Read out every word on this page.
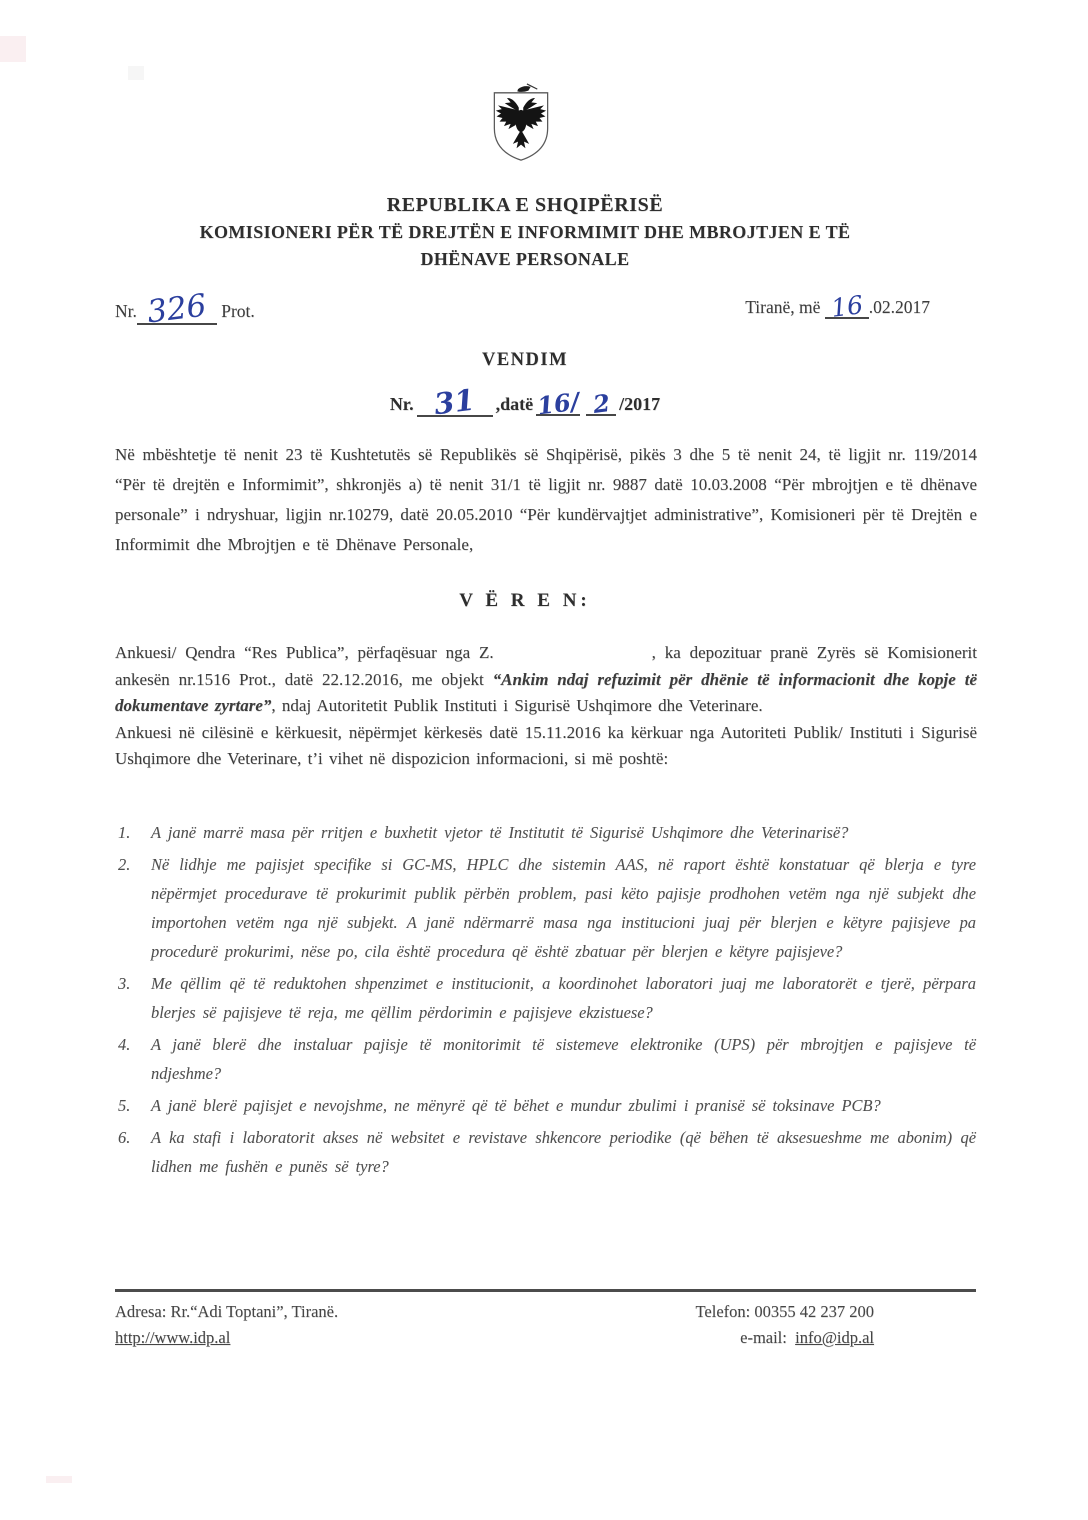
REPUBLIKA E SHQIPËRISË
KOMISIONERI PËR TË DREJTËN E INFORMIMIT DHE MBROJTJEN E TË
DHËNAVE PERSONALE
Nr. 326 Prot.	Tiranë, më 16 .02.2017
VENDIM
Nr. 31 ,datë 16/ 2 /2017
Në mbështetje të nenit 23 të Kushtetutës së Republikës së Shqipërisë, pikës 3 dhe 5 të nenit 24, të ligjit nr. 119/2014 “Për të drejtën e Informimit”, shkronjës a) të nenit 31/1 të ligjit nr. 9887 datë 10.03.2008 “Për mbrojtjen e të dhënave personale” i ndryshuar, ligjin nr.10279, datë 20.05.2010 “Për kundërvajtjet administrative”, Komisioneri për të Drejtën e Informimit dhe Mbrojtjen e të Dhënave Personale,
V Ë R E N:

Ankuesi/ Qendra “Res Publica”, përfaqësuar nga Z.	, ka depozituar pranë Zyrës së Komisionerit ankesën nr.1516 Prot., datë 22.12.2016, me objekt “Ankim ndaj refuzimit për dhënie të informacionit dhe kopje të dokumentave zyrtare”, ndaj Autoritetit Publik Instituti i Sigurisë Ushqimore dhe Veterinare.

Ankuesi në cilësinë e kërkuesit, nëpërmjet kërkesës datë 15.11.2016 ka kërkuar nga Autoriteti Publik/ Instituti i Sigurisë Ushqimore dhe Veterinare, t’i vihet në dispozicion informacioni, si më poshtë:

1. A janë marrë masa për rritjen e buxhetit vjetor të Institutit të Sigurisë Ushqimore dhe Veterinarisë?
2. Në lidhje me pajisjet specifike si GC-MS, HPLC dhe sistemin AAS, në raport është konstatuar që blerja e tyre nëpërmjet procedurave të prokurimit publik përbën problem, pasi këto pajisje prodhohen vetëm nga një subjekt dhe importohen vetëm nga një subjekt. A janë ndërmarrë masa nga institucioni juaj për blerjen e këtyre pajisjeve pa procedurë prokurimi, nëse po, cila është procedura që është zbatuar për blerjen e këtyre pajisjeve?
3. Me qëllim që të reduktohen shpenzimet e institucionit, a koordinohet laboratori juaj me laboratorët e tjerë, përpara blerjes së pajisjeve të reja, me qëllim përdorimin e pajisjeve ekzistuese?
4. A janë blerë dhe instaluar pajisje të monitorimit të sistemeve elektronike (UPS) për mbrojtjen e pajisjeve të ndjeshme?
5. A janë blerë pajisjet e nevojshme, ne mënyrë që të bëhet e mundur zbulimi i pranisë së toksinave PCB?
6. A ka stafi i laboratorit akses në websitet e revistave shkencore periodike (që bëhen të aksesueshme me abonim) që lidhen me fushën e punës së tyre?
Adresa: Rr.“Adi Toptani”, Tiranë.
http://www.idp.al
Telefon: 00355 42 237 200
e-mail: info@idp.al
